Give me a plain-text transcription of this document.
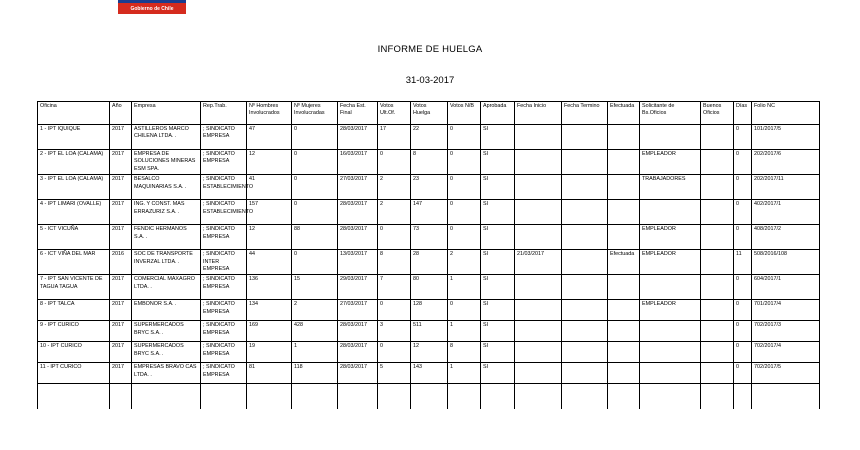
Gobierno de Chile
INFORME DE HUELGA
31-03-2017
Oficina	Año	Empresa	Rep.Trab.	Nº Hombres Involucrados	Nº Mujeres Involucradas	Fecha Est. Final	Votos Ult.Of.	Votos Huelga	Votos N/B	Aprobada	Fecha Inicio	Fecha Termino	Efectuada	Solicitante de Bs.Oficios	Buenos Oficios	Días	Folio NC
1 - IPT IQUIQUE	2017	ASTILLEROS MARCO CHILENA LTDA. .	; SINDICATO EMPRESA	47	0	28/03/2017	17	22	0	SI						0	101/2017/5
2 - IPT EL LOA (CALAMA)	2017	EMPRESA DE SOLUCIONES MINERAS ESM SPA.	; SINDICATO EMPRESA	12	0	16/03/2017	0	8	0	SI				EMPLEADOR		0	202/2017/6
3 - IPT EL LOA (CALAMA)	2017	BESALCO MAQUINARIAS S.A. .	; SINDICATO ESTABLECIMIENTO	41	0	27/03/2017	2	23	0	SI				TRABAJADORES		0	202/2017/11
4 - IPT LIMARI (OVALLE)	2017	ING. Y CONST. MAS ERRAZURIZ S.A. .	; SINDICATO ESTABLECIMIENTO	157	0	28/03/2017	2	147	0	SI						0	402/2017/1
5 - ICT VICUÑA	2017	FENDIC HERMANOS S.A. .	; SINDICATO EMPRESA	12	88	28/03/2017	0	73	0	SI				EMPLEADOR		0	408/2017/2
6 - ICT VIÑA DEL MAR	2016	SOC DE TRANSPORTE INVERZAL LTDA. .	; SINDICATO INTER EMPRESA	44	0	13/03/2017	8	28	2	SI	21/03/2017		Efectuada	EMPLEADOR		11	508/2016/108
7 - IPT SAN VICENTE DE TAGUA TAGUA	2017	COMERCIAL MAXAGRO LTDA. .	; SINDICATO EMPRESA	136	15	29/03/2017	7	80	1	SI						0	604/2017/1
8 - IPT TALCA	2017	EMBONOR S.A. .	; SINDICATO EMPRESA	134	2	27/03/2017	0	128	0	SI				EMPLEADOR		0	701/2017/4
9 - IPT CURICO	2017	SUPERMERCADOS BRYC S.A. .	; SINDICATO EMPRESA	169	428	28/03/2017	3	511	1	SI						0	702/2017/3
10 - IPT CURICO	2017	SUPERMERCADOS BRYC S.A. .	; SINDICATO EMPRESA	19	1	28/03/2017	0	12	8	SI						0	702/2017/4
11 - IPT CURICO	2017	EMPRESAS BRAVO CAS LTDA. .	; SINDICATO EMPRESA	81	118	28/03/2017	5	143	1	SI						0	702/2017/5
